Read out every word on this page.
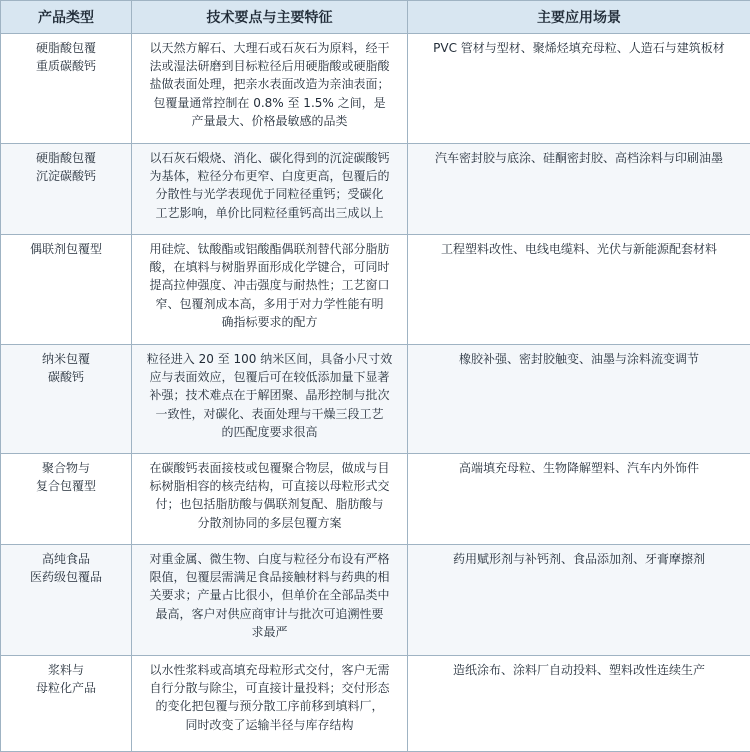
产品类型	技术要点与主要特征	主要应用场景

硬脂酸包覆
重质碳酸钙	以天然方解石、大理石或石灰石为原料，经干
法或湿法研磨到目标粒径后用硬脂酸或硬脂酸
盐做表面处理，把亲水表面改造为亲油表面；
包覆量通常控制在 0.8% 至 1.5% 之间，是
产量最大、价格最敏感的品类	PVC 管材与型材、聚烯烃填充母粒、人造石与建筑板材

硬脂酸包覆
沉淀碳酸钙	以石灰石煅烧、消化、碳化得到的沉淀碳酸钙
为基体，粒径分布更窄、白度更高，包覆后的
分散性与光学表现优于同粒径重钙；受碳化
工艺影响，单价比同粒径重钙高出三成以上	汽车密封胶与底涂、硅酮密封胶、高档涂料与印刷油墨

偶联剂包覆型	用硅烷、钛酸酯或铝酸酯偶联剂替代部分脂肪
酸，在填料与树脂界面形成化学键合，可同时
提高拉伸强度、冲击强度与耐热性；工艺窗口
窄、包覆剂成本高，多用于对力学性能有明
确指标要求的配方	工程塑料改性、电线电缆料、光伏与新能源配套材料

纳米包覆
碳酸钙	粒径进入 20 至 100 纳米区间，具备小尺寸效
应与表面效应，包覆后可在较低添加量下显著
补强；技术难点在于解团聚、晶形控制与批次
一致性，对碳化、表面处理与干燥三段工艺
的匹配度要求很高	橡胶补强、密封胶触变、油墨与涂料流变调节

聚合物与
复合包覆型	在碳酸钙表面接枝或包覆聚合物层，做成与目
标树脂相容的核壳结构，可直接以母粒形式交
付；也包括脂肪酸与偶联剂复配、脂肪酸与
分散剂协同的多层包覆方案	高端填充母粒、生物降解塑料、汽车内外饰件

高纯食品
医药级包覆品	对重金属、微生物、白度与粒径分布设有严格
限值，包覆层需满足食品接触材料与药典的相
关要求；产量占比很小，但单价在全部品类中
最高，客户对供应商审计与批次可追溯性要
求最严	药用赋形剂与补钙剂、食品添加剂、牙膏摩擦剂

浆料与
母粒化产品	以水性浆料或高填充母粒形式交付，客户无需
自行分散与除尘，可直接计量投料；交付形态
的变化把包覆与预分散工序前移到填料厂，
同时改变了运输半径与库存结构	造纸涂布、涂料厂自动投料、塑料改性连续生产
